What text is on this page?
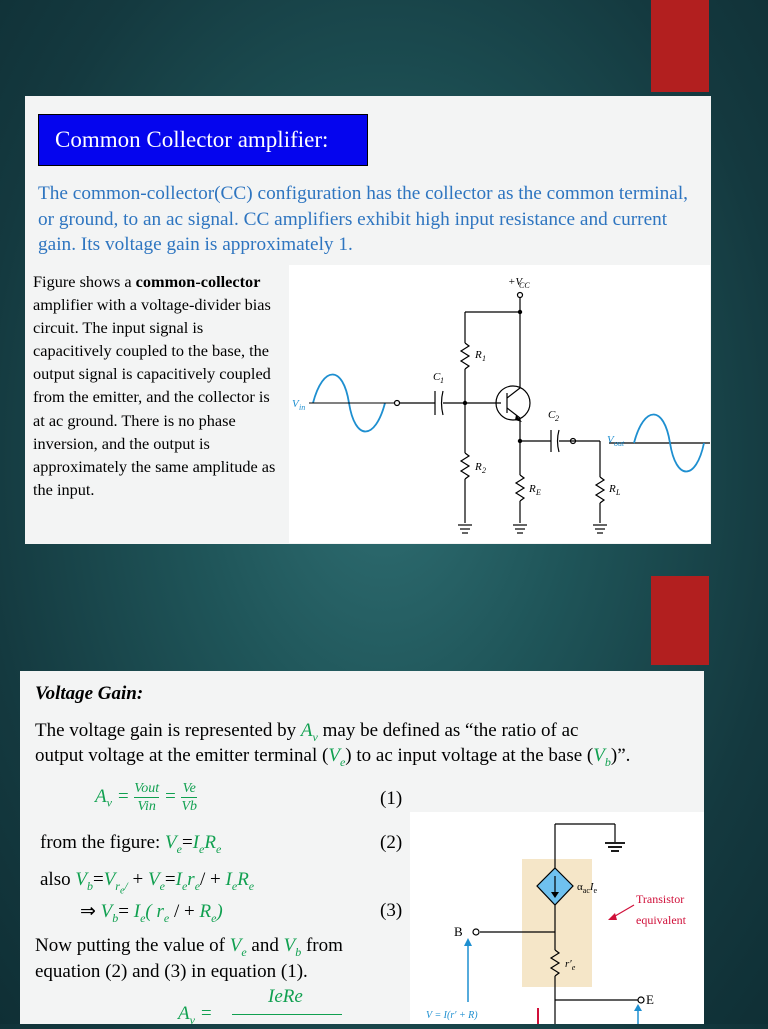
Common Collector amplifier:
The common-collector(CC) configuration has the collector as the common terminal, or ground, to an ac signal. CC amplifiers exhibit high input resistance and current gain. Its voltage gain is approximately 1.
Figure shows a common-collector amplifier with a voltage-divider bias circuit. The input signal is capacitively coupled to the base, the output signal is capacitively coupled from the emitter, and the collector is at ac ground. There is no phase inversion, and the output is approximately the same amplitude as the input.
+V
CC
C 1
R 1
R 2
C 2
R E	R L
V in
V out
Voltage Gain:
The voltage gain is represented by $A_v$ may be defined as “the ratio of ac
output voltage at the emitter terminal $(V_e)$ to ac input voltage at the base $(V_b)$”.
$A_v = \frac{\text{Vout}}{\text{Vin}} = \frac{Ve}{Vb}$	(1)
from the figure: $V_e=I_eR_e$	(2)
also $V_b=V_{r_e/} + V_e=I_er_e/ + I_eR_e$
⇒ $V_b= I_e$( $r_e$ / + $R_e$)	(3)
Now putting the value of $V_e$ and $V_b$ from
equation (2) and (3) in equation (1).
$A_v$ =
IeRe
$\alpha_{ac}I_e$
B
$r'_e$
E
Transistor
equivalent
V = I(r′ + R)
